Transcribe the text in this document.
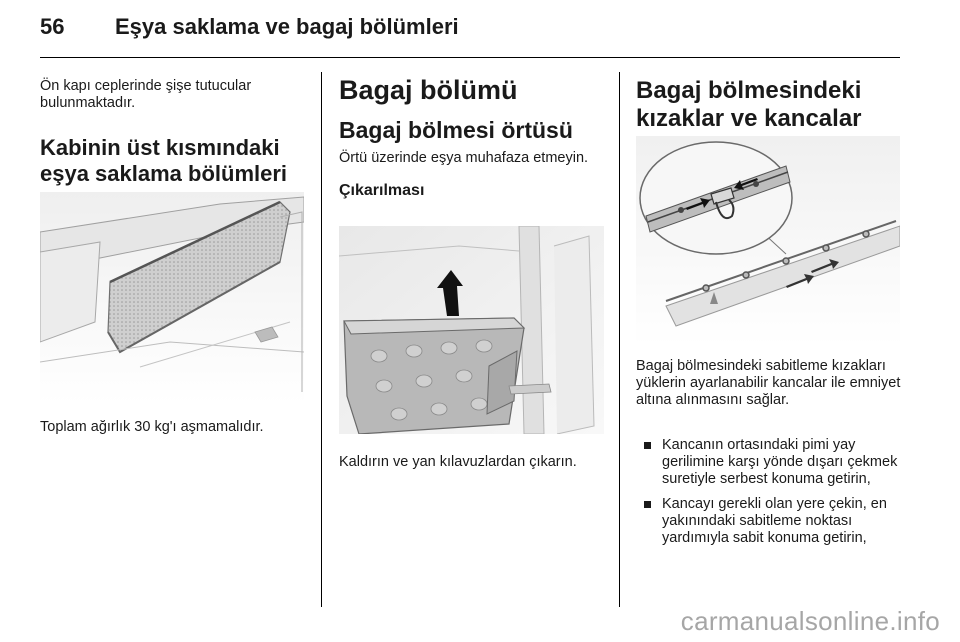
56 Eşya saklama ve bagaj bölümleri

Ön kapı ceplerinde şişe tutucular bulunmaktadır.

Kabinin üst kısmındaki eşya saklama bölümleri

Toplam ağırlık 30 kg'ı aşmamalıdır.

Bagaj bölümü
Bagaj bölmesi örtüsü

Örtü üzerinde eşya muhafaza etmeyin.

Çıkarılması

Kaldırın ve yan kılavuzlardan çıkarın.

Bagaj bölmesindeki kızaklar ve kancalar

Bagaj bölmesindeki sabitleme kızakları yüklerin ayarlanabilir kancalar ile emniyet altına alınmasını sağlar.

Kancanın ortasındaki pimi yay gerilimine karşı yönde dışarı çekmek suretiyle serbest konuma getirin,
Kancayı gerekli olan yere çekin, en yakınındaki sabitleme noktası yardımıyla sabit konuma getirin,
carmanualsonline.info
